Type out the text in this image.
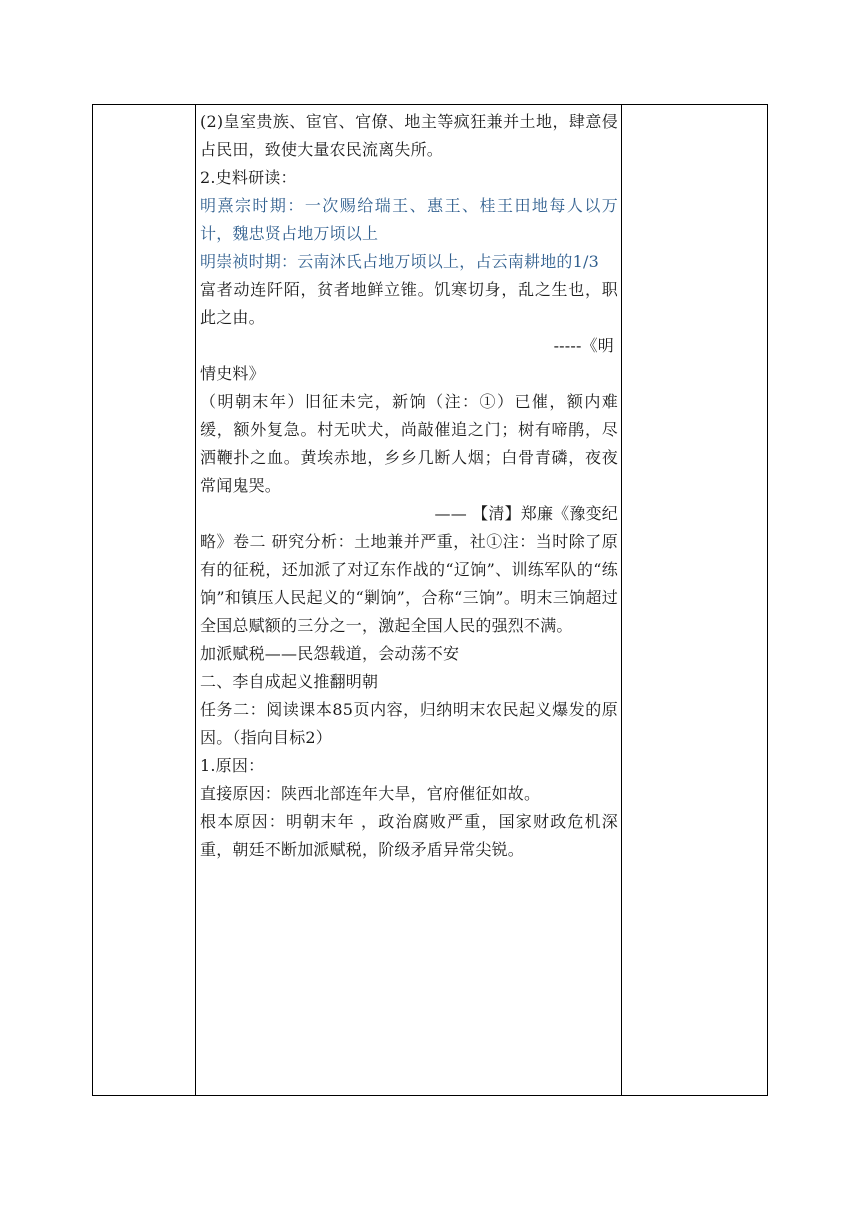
(2)皇室贵族、宦官、官僚、地主等疯狂兼并土地，肆意侵占民田，致使大量农民流离失所。

2.史料研读：

明熹宗时期：一次赐给瑞王、惠王、桂王田地每人以万计，魏忠贤占地万顷以上

明崇祯时期：云南沐氏占地万顷以上，占云南耕地的1/3

富者动连阡陌，贫者地鲜立锥。饥寒切身，乱之生也，职此之由。

-----《明

情史料》

（明朝末年）旧征未完，新饷（注：①）已催，额内难缓，额外复急。村无吠犬，尚敲催追之门；树有啼鹃，尽洒鞭扑之血。黄埃赤地，乡乡几断人烟；白骨青磷，夜夜常闻鬼哭。

—— 【清】郑廉《豫变纪

略》卷二 研究分析：土地兼并严重，社①注：当时除了原有的征税，还加派了对辽东作战的“辽饷”、训练军队的“练饷”和镇压人民起义的“剿饷”，合称“三饷”。明末三饷超过全国总赋额的三分之一，激起全国人民的强烈不满。

加派赋税——民怨载道，会动荡不安

二、李自成起义推翻明朝

任务二：阅读课本85页内容，归纳明末农民起义爆发的原因。（指向目标2）

1.原因：

直接原因：陕西北部连年大旱，官府催征如故。

根本原因：明朝末年 ，政治腐败严重，国家财政危机深重，朝廷不断加派赋税，阶级矛盾异常尖锐。
